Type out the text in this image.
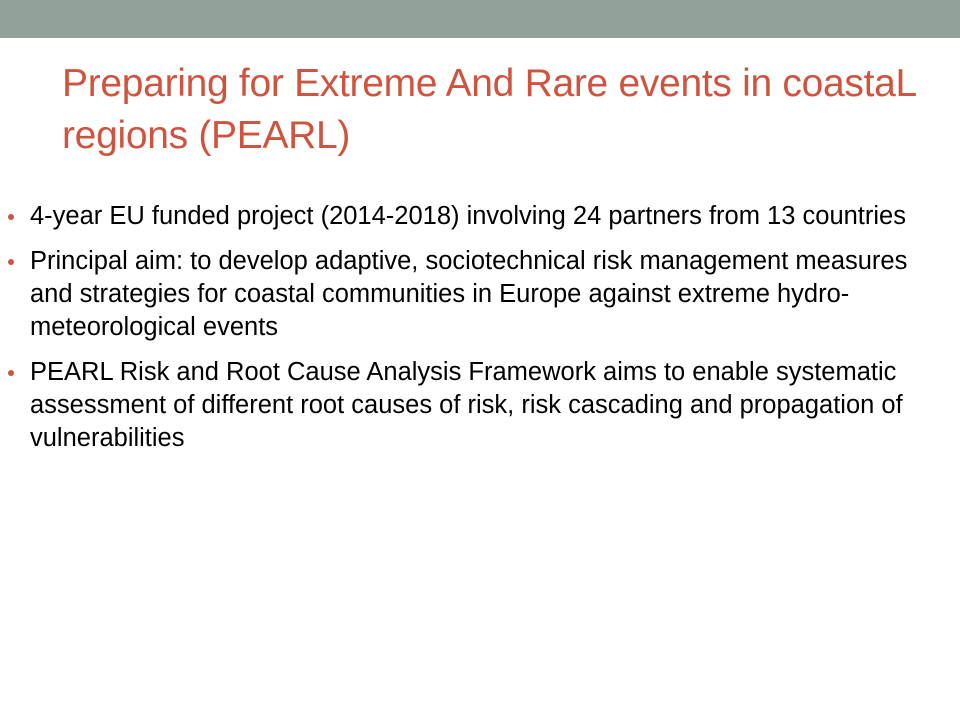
Preparing for Extreme And Rare events in coastaL regions (PEARL)
4-year EU funded project (2014-2018) involving 24 partners from 13 countries
Principal aim: to develop adaptive, sociotechnical risk management measures and strategies for coastal communities in Europe against extreme hydro-meteorological events
PEARL Risk and Root Cause Analysis Framework aims to enable systematic assessment of different root causes of risk, risk cascading and propagation of vulnerabilities
